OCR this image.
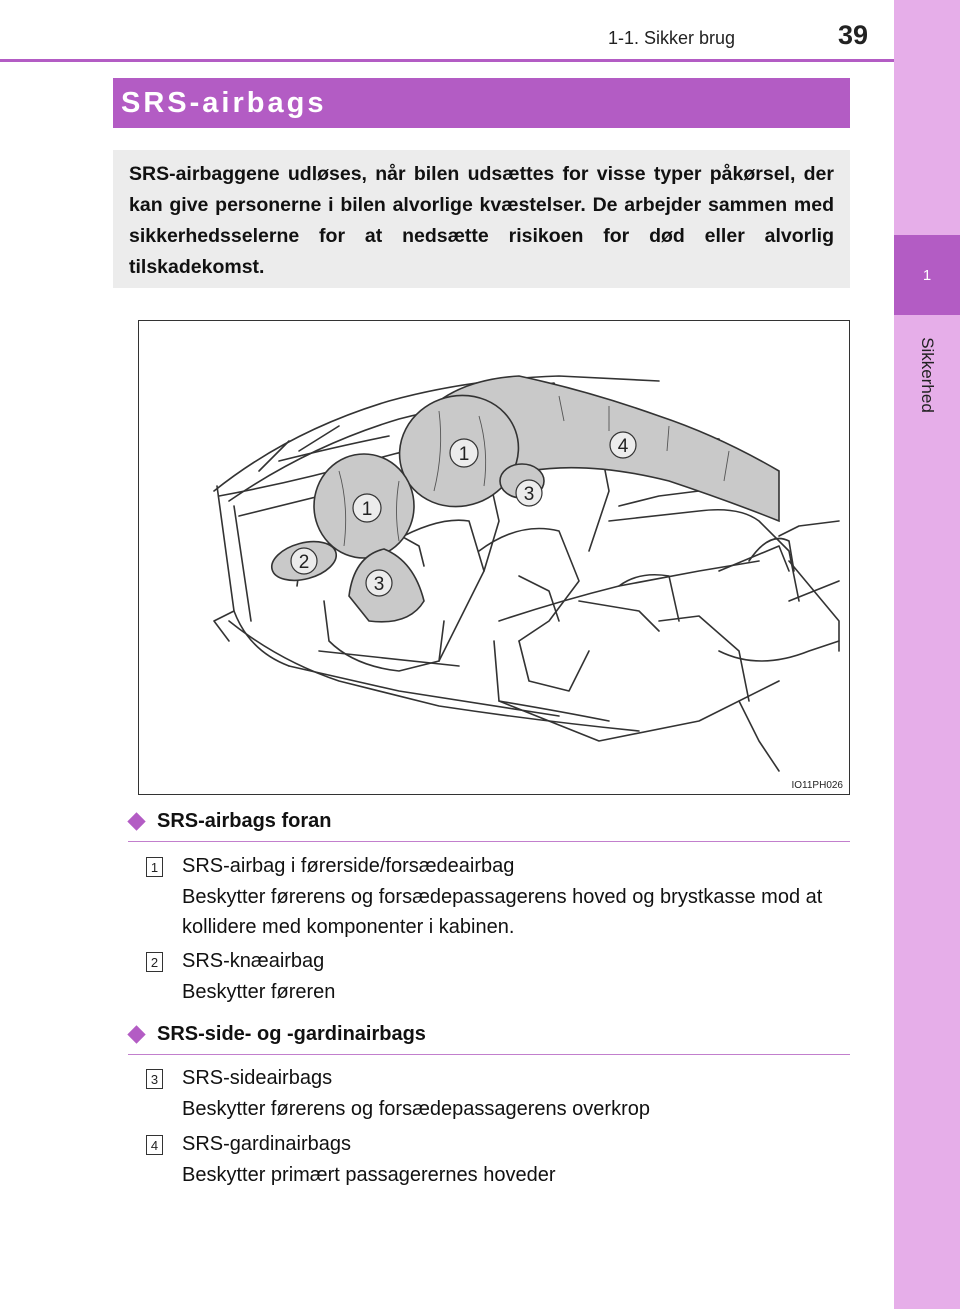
1
Sikkerhed
1-1. Sikker brug	39
SRS-airbags
SRS-airbaggene udløses, når bilen udsættes for visse typer påkørsel, der kan give personerne i bilen alvorlige kvæstelser. De arbejder sammen med sikkerhedsselerne for at nedsætte risikoen for død eller alvorlig tilskadekomst.
1
1
2
3
3
4
IO11PH026
SRS-airbags foran
1 SRS-airbag i førerside/forsædeairbag
Beskytter førerens og forsædepassagerens hoved og brystkasse mod at kollidere med komponenter i kabinen.
2 SRS-knæairbag
Beskytter føreren
SRS-side- og -gardinairbags
3 SRS-sideairbags
Beskytter førerens og forsædepassagerens overkrop
4 SRS-gardinairbags
Beskytter primært passagerernes hoveder
